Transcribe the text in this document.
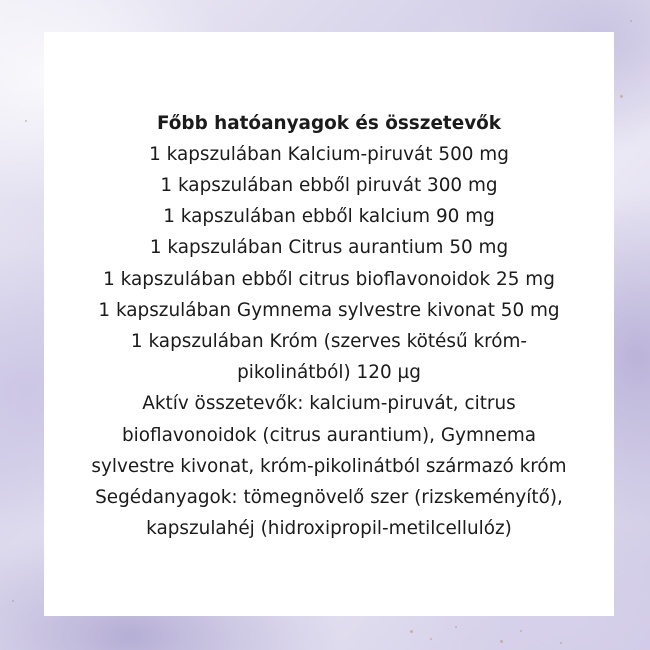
Főbb hatóanyagok és összetevők
1 kapszulában Kalcium-piruvát 500 mg
1 kapszulában ebből piruvát 300 mg
1 kapszulában ebből kalcium 90 mg
1 kapszulában Citrus aurantium 50 mg
1 kapszulában ebből citrus bioflavonoidok 25 mg
1 kapszulában Gymnema sylvestre kivonat 50 mg
1 kapszulában Króm (szerves kötésű króm-
pikolinátból) 120 µg
Aktív összetevők: kalcium-piruvát, citrus
bioflavonoidok (citrus aurantium), Gymnema
sylvestre kivonat, króm-pikolinátból származó króm
Segédanyagok: tömegnövelő szer (rizskeményítő),
kapszulahéj (hidroxipropil-metilcellulóz)
